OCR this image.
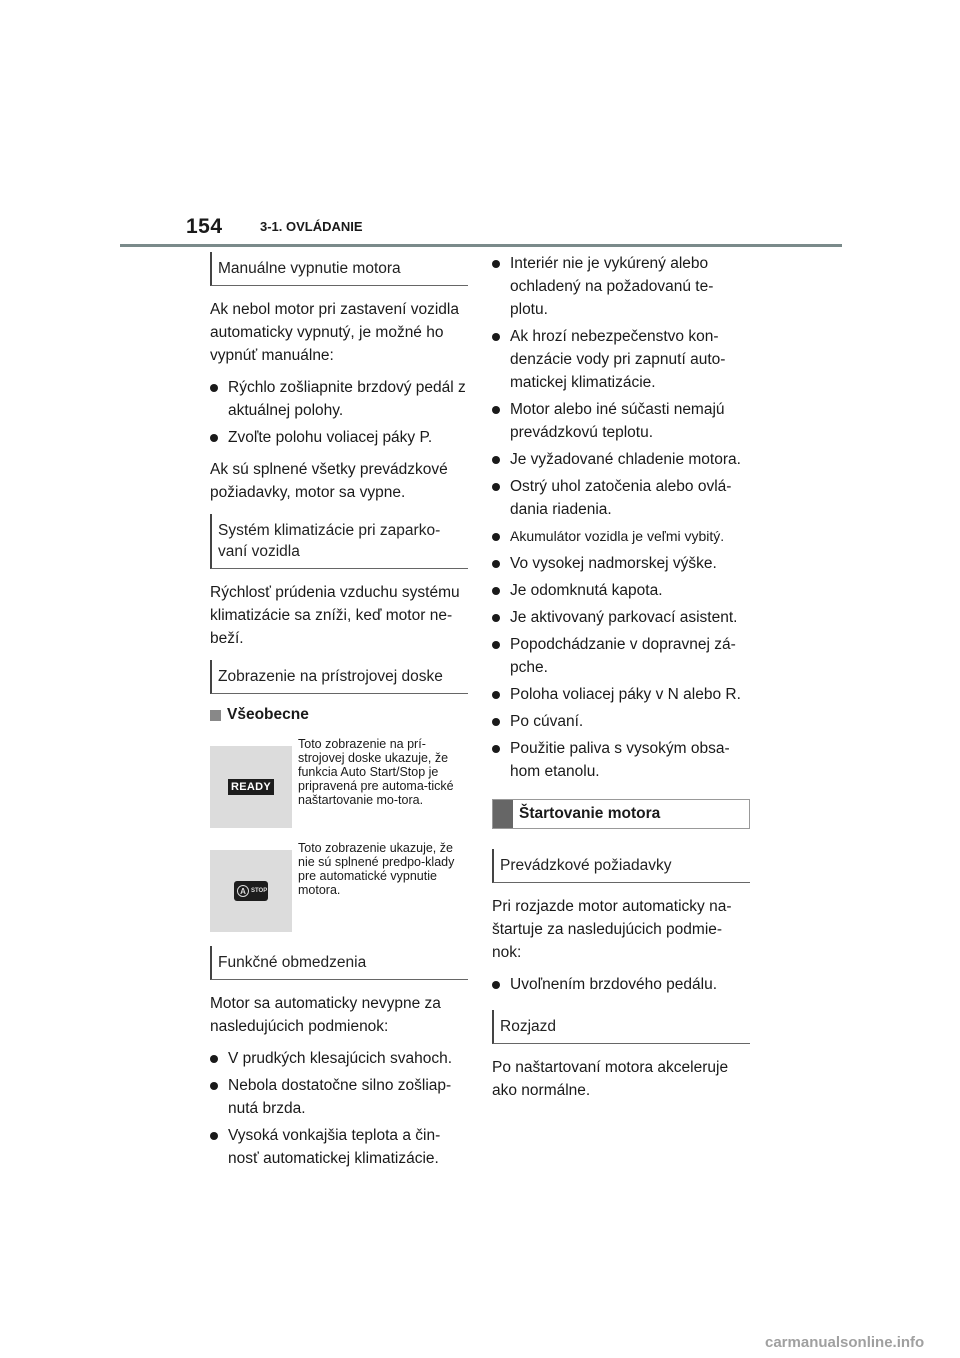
154	3-1. OVLÁDANIE
Manuálne vypnutie motora

Ak nebol motor pri zastavení vozidla automaticky vypnutý, je možné ho vypnúť manuálne:

Rýchlo zošliapnite brzdový pedál z aktuálnej polohy.
Zvoľte polohu voliacej páky P.

Ak sú splnené všetky prevádzkové požiadavky, motor sa vypne.

Systém klimatizácie pri zaparko-vaní vozidla

Rýchlosť prúdenia vzduchu systému klimatizácie sa zníži, keď motor ne-beží.

Zobrazenie na prístrojovej doske
Všeobecne
READY
Toto zobrazenie na prí-strojovej doske ukazuje, že funkcia Auto Start/Stop je pripravená pre automa-tické naštartovanie mo-tora.
A STOP
Toto zobrazenie ukazuje, že nie sú splnené predpo-klady pre automatické vypnutie motora.
Funkčné obmedzenia

Motor sa automaticky nevypne za nasledujúcich podmienok:

V prudkých klesajúcich svahoch.
Nebola dostatočne silno zošliap-nutá brzda.
Vysoká vonkajšia teplota a čin-nosť automatickej klimatizácie.
Interiér nie je vykúrený alebo ochladený na požadovanú te-plotu.
Ak hrozí nebezpečenstvo kon-denzácie vody pri zapnutí auto-matickej klimatizácie.
Motor alebo iné súčasti nemajú prevádzkovú teplotu.
Je vyžadované chladenie motora.
Ostrý uhol zatočenia alebo ovlá-dania riadenia.
Akumulátor vozidla je veľmi vybitý.
Vo vysokej nadmorskej výške.
Je odomknutá kapota.
Je aktivovaný parkovací asistent.
Popodchádzanie v dopravnej zá-pche.
Poloha voliacej páky v N alebo R.
Po cúvaní.
Použitie paliva s vysokým obsa-hom etanolu.
Štartovanie motora
Prevádzkové požiadavky

Pri rozjazde motor automaticky na-štartuje za nasledujúcich podmie-nok:

Uvoľnením brzdového pedálu.
Rozjazd

Po naštartovaní motora akceleruje ako normálne.

carmanualsonline.info
